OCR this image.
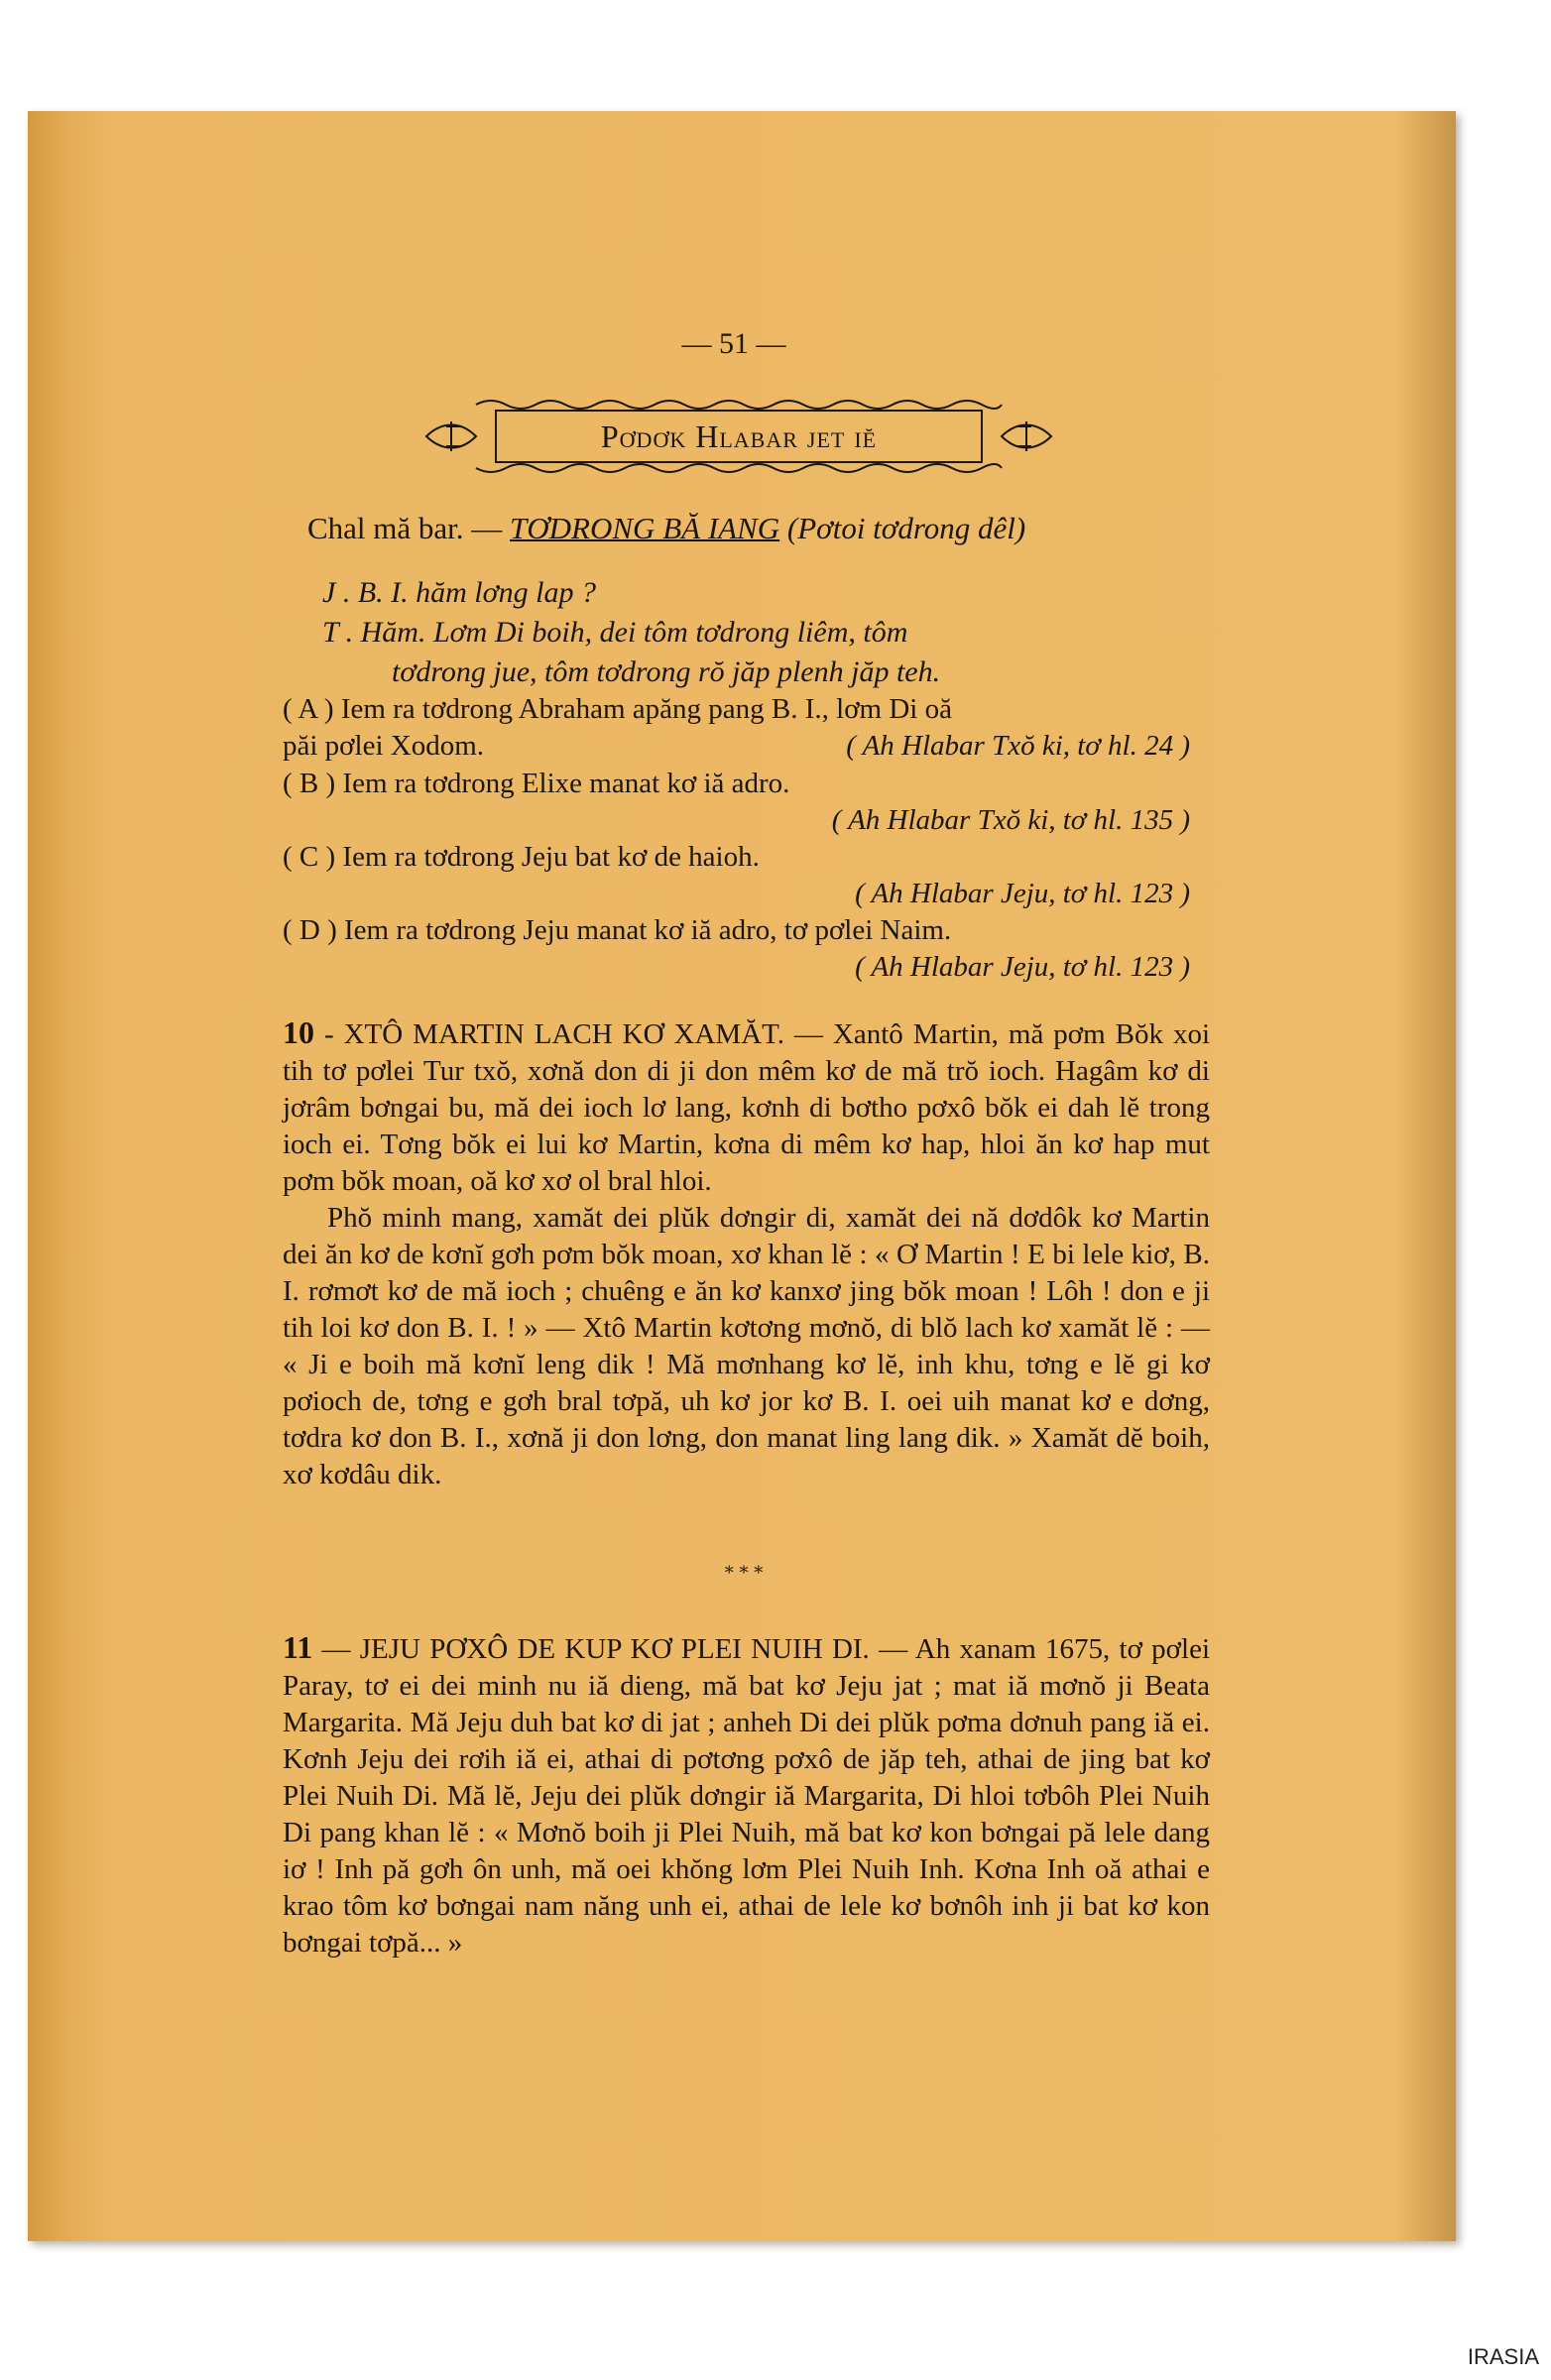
— 51 —
Pơdơk Hlabar jet iĕ
Chal mă bar. — TƠDRONG BĂ IANG (Pơtoi tơdrong dêl)
J . B. I. hăm lơng lap ?
T . Hăm. Lơm Di boih, dei tôm tơdrong liêm, tôm
tơdrong jue, tôm tơdrong rŏ jăp plenh jăp teh.
( A ) Iem ra tơdrong Abraham apăng pang B. I., lơm Di oă
păi pơlei Xodom.	( Ah Hlabar Txŏ ki, tơ hl. 24 )
( B ) Iem ra tơdrong Elixe manat kơ iă adro.
( Ah Hlabar Txŏ ki, tơ hl. 135 )
( C ) Iem ra tơdrong Jeju bat kơ de haioh.
( Ah Hlabar Jeju, tơ hl. 123 )
( D ) Iem ra tơdrong Jeju manat kơ iă adro, tơ pơlei Naim.
( Ah Hlabar Jeju, tơ hl. 123 )

10 - XTÔ MARTIN LACH KƠ XAMĂT. — Xantô Martin, mă pơm Bŏk xoi tih tơ pơlei Tur txŏ, xơnă don di ji don mêm kơ de mă trŏ ioch. Hagâm kơ di jơrâm bơngai bu, mă dei ioch lơ lang, kơnh di bơtho pơxô bŏk ei dah lĕ trong ioch ei. Tơng bŏk ei lui kơ Martin, kơna di mêm kơ hap, hloi ăn kơ hap mut pơm bŏk moan, oă kơ xơ ol bral hloi.

Phŏ minh mang, xamăt dei plŭk dơngir di, xamăt dei nă dơdôk kơ Martin dei ăn kơ de kơnĭ gơh pơm bŏk moan, xơ khan lĕ : « Ơ Martin ! E bi lele kiơ, B. I. rơmơt kơ de mă ioch ; chuêng e ăn kơ kanxơ jing bŏk moan ! Lôh ! don e ji tih loi kơ don B. I. ! » — Xtô Martin kơtơng mơnŏ, di blŏ lach kơ xamăt lĕ : — « Ji e boih mă kơnĭ leng dik ! Mă mơnhang kơ lĕ, inh khu, tơng e lĕ gi kơ pơioch de, tơng e gơh bral tơpă, uh kơ jor kơ B. I. oei uih manat kơ e dơng, tơdra kơ don B. I., xơnă ji don lơng, don manat ling lang dik. » Xamăt dĕ boih, xơ kơdâu dik.

* * *

11 — JEJU PƠXÔ DE KUP KƠ PLEI NUIH DI. — Ah xanam 1675, tơ pơlei Paray, tơ ei dei minh nu iă dieng, mă bat kơ Jeju jat ; mat iă mơnŏ ji Beata Margarita. Mă Jeju duh bat kơ di jat ; anheh Di dei plŭk pơma dơnuh pang iă ei. Kơnh Jeju dei rơih iă ei, athai di pơtơng pơxô de jăp teh, athai de jing bat kơ Plei Nuih Di. Mă lĕ, Jeju dei plŭk dơngir iă Margarita, Di hloi tơbôh Plei Nuih Di pang khan lĕ : « Mơnŏ boih ji Plei Nuih, mă bat kơ kon bơngai pă lele dang iơ ! Inh pă gơh ôn unh, mă oei khŏng lơm Plei Nuih Inh. Kơna Inh oă athai e krao tôm kơ bơngai nam năng unh ei, athai de lele kơ bơnôh inh ji bat kơ kon bơngai tơpă... »

IRASIA
